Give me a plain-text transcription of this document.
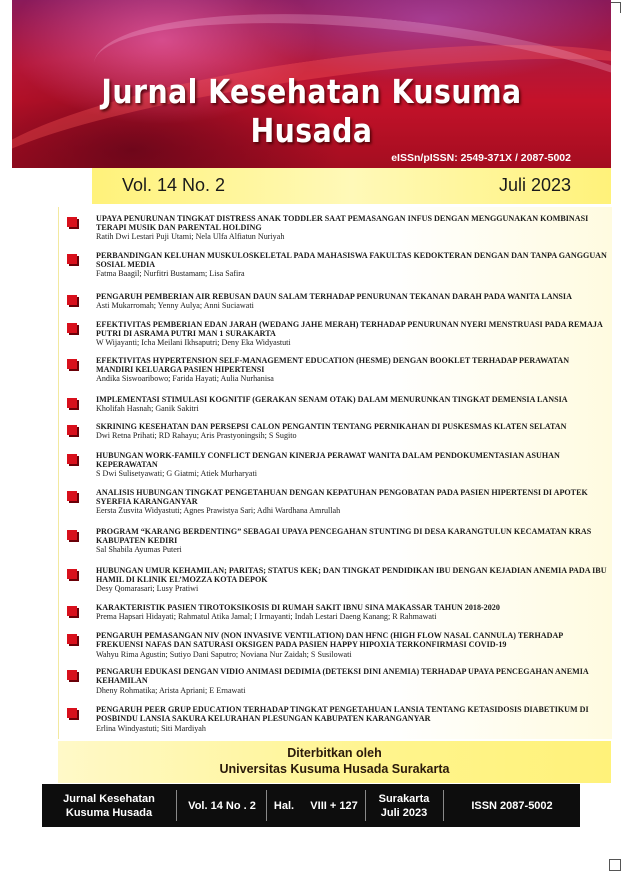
Jurnal Kesehatan Kusuma Husada
eISSn/pISSN: 2549-371X / 2087-5002
Vol. 14 No. 2	Juli 2023
UPAYA PENURUNAN TINGKAT DISTRESS ANAK TODDLER SAAT PEMASANGAN INFUS DENGAN MENGGUNAKAN KOMBINASI TERAPI MUSIK DAN PARENTAL HOLDING
Ratih Dwi Lestari Puji Utami; Nela Ulfa Alfiatun Nuriyah
PERBANDINGAN KELUHAN MUSKULOSKELETAL PADA MAHASISWA FAKULTAS KEDOKTERAN DENGAN DAN TANPA GANGGUAN SOSIAL MEDIA
Fatma Baagil; Nurfitri Bustamam; Lisa Safira
PENGARUH PEMBERIAN AIR REBUSAN DAUN SALAM TERHADAP PENURUNAN TEKANAN DARAH PADA WANITA LANSIA
Asti Mukarromah; Yenny Aulya; Anni Suciawati
EFEKTIVITAS PEMBERIAN EDAN JARAH (WEDANG JAHE MERAH) TERHADAP PENURUNAN NYERI MENSTRUASI PADA REMAJA PUTRI DI ASRAMA PUTRI MAN 1 SURAKARTA
W Wijayanti; Icha Meilani Ikhsaputri; Deny Eka Widyastuti
EFEKTIVITAS HYPERTENSION SELF-MANAGEMENT EDUCATION (HESME) DENGAN BOOKLET TERHADAP PERAWATAN MANDIRI KELUARGA PASIEN HIPERTENSI
Andika Siswoaribowo; Farida Hayati; Aulia Nurhanisa
IMPLEMENTASI STIMULASI KOGNITIF (GERAKAN SENAM OTAK) DALAM MENURUNKAN TINGKAT DEMENSIA LANSIA
Kholifah Hasnah; Ganik Sakitri
SKRINING KESEHATAN DAN PERSEPSI CALON PENGANTIN TENTANG PERNIKAHAN DI PUSKESMAS KLATEN SELATAN
Dwi Retna Prihati; RD Rahayu; Aris Prastyoningsih; S Sugito
HUBUNGAN WORK-FAMILY CONFLICT DENGAN KINERJA PERAWAT WANITA DALAM PENDOKUMENTASIAN ASUHAN KEPERAWATAN
S Dwi Sulisetyawati; G Giatmi; Atiek Murharyati
ANALISIS HUBUNGAN TINGKAT PENGETAHUAN DENGAN KEPATUHAN PENGOBATAN PADA PASIEN HIPERTENSI DI APOTEK SYERFIA KARANGANYAR
Eersta Zusvita Widyastuti; Agnes Prawistya Sari; Adhi Wardhana Amrullah
PROGRAM “KARANG BERDENTING” SEBAGAI UPAYA PENCEGAHAN STUNTING DI DESA KARANGTULUN KECAMATAN KRAS KABUPATEN KEDIRI
Sal Shabila Ayumas Puteri
HUBUNGAN UMUR KEHAMILAN; PARITAS; STATUS KEK; DAN TINGKAT PENDIDIKAN IBU DENGAN KEJADIAN ANEMIA PADA IBU HAMIL DI KLINIK EL’MOZZA KOTA DEPOK
Desy Qomarasari; Lusy Pratiwi
KARAKTERISTIK PASIEN TIROTOKSIKOSIS DI RUMAH SAKIT IBNU SINA MAKASSAR TAHUN 2018-2020
Prema Hapsari Hidayati; Rahmatul Atika Jamal; I Irmayanti; Indah Lestari Daeng Kanang; R Rahmawati
PENGARUH PEMASANGAN NIV (NON INVASIVE VENTILATION) DAN HFNC (HIGH FLOW NASAL CANNULA) TERHADAP FREKUENSI NAFAS DAN SATURASI OKSIGEN PADA PASIEN HAPPY HIPOXIA TERKONFIRMASI COVID-19
Wahyu Rima Agustin; Sutiyo Dani Saputro; Noviana Nur Zaidah; S Susilowati
PENGARUH EDUKASI DENGAN VIDIO ANIMASI DEDIMIA (DETEKSI DINI ANEMIA) TERHADAP UPAYA PENCEGAHAN ANEMIA KEHAMILAN
Dheny Rohmatika; Arista Apriani; E Ernawati
PENGARUH PEER GRUP EDUCATION TERHADAP TINGKAT PENGETAHUAN LANSIA TENTANG KETASIDOSIS DIABETIKUM DI POSBINDU LANSIA SAKURA KELURAHAN PLESUNGAN KABUPATEN KARANGANYAR
Erlina Windyastuti; Siti Mardiyah
Diterbitkan oleh
Universitas Kusuma Husada Surakarta
Jurnal Kesehatan
Kusuma Husada
Vol. 14 No . 2	Hal.	VIII + 127
Surakarta
Juli 2023
ISSN 2087-5002
